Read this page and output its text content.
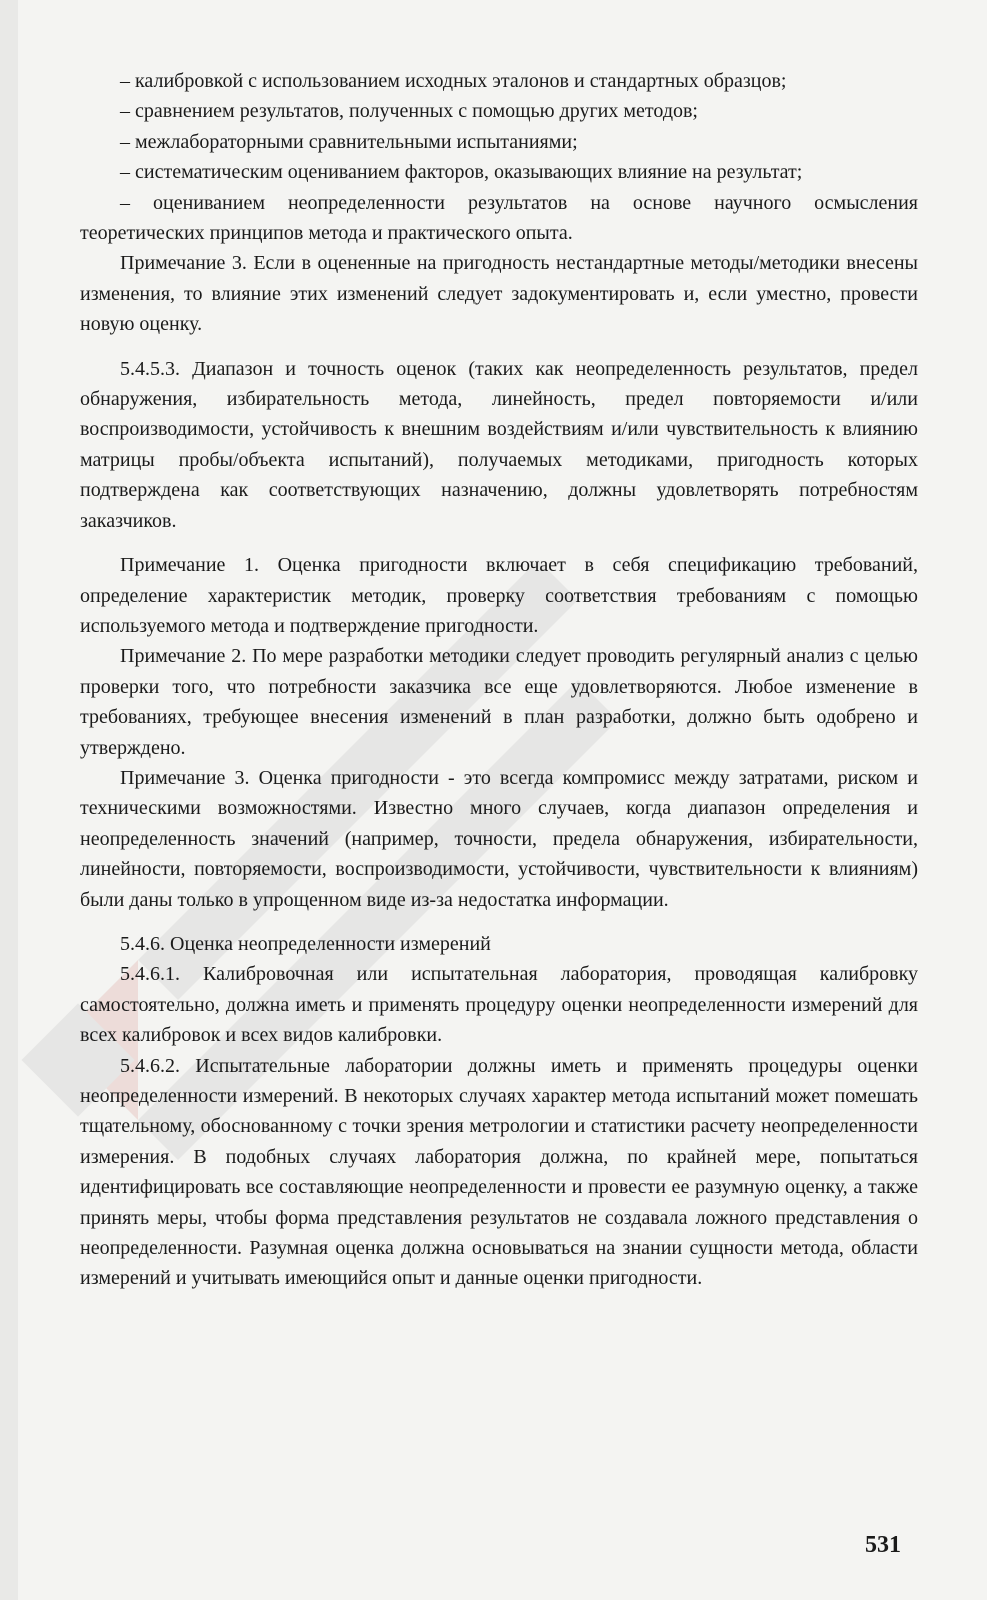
– калибровкой с использованием исходных эталонов и стандартных образцов;

– сравнением результатов, полученных с помощью других методов;

– межлабораторными сравнительными испытаниями;

– систематическим оцениванием факторов, оказывающих влияние на результат;

– оцениванием неопределенности результатов на основе научного осмысления теоретических принципов метода и практического опыта.

Примечание 3. Если в оцененные на пригодность нестандартные методы/методики внесены изменения, то влияние этих изменений следует задокументировать и, если уместно, провести новую оценку.

5.4.5.3. Диапазон и точность оценок (таких как неопределенность результатов, предел обнаружения, избирательность метода, линейность, предел повторяемости и/или воспроизводимости, устойчивость к внешним воздействиям и/или чувствительность к влиянию матрицы пробы/объекта испытаний), получаемых методиками, пригодность которых подтверждена как соответствующих назначению, должны удовлетворять потребностям заказчиков.

Примечание 1. Оценка пригодности включает в себя спецификацию требований, определение характеристик методик, проверку соответствия требованиям с помощью используемого метода и подтверждение пригодности.

Примечание 2. По мере разработки методики следует проводить регулярный анализ с целью проверки того, что потребности заказчика все еще удовлетворяются. Любое изменение в требованиях, требующее внесения изменений в план разработки, должно быть одобрено и утверждено.

Примечание 3. Оценка пригодности - это всегда компромисс между затратами, риском и техническими возможностями. Известно много случаев, когда диапазон определения и неопределенность значений (например, точности, предела обнаружения, избирательности, линейности, повторяемости, воспроизводимости, устойчивости, чувствительности к влияниям) были даны только в упрощенном виде из-за недостатка информации.

5.4.6. Оценка неопределенности измерений

5.4.6.1. Калибровочная или испытательная лаборатория, проводящая калибровку самостоятельно, должна иметь и применять процедуру оценки неопределенности измерений для всех калибровок и всех видов калибровки.

5.4.6.2. Испытательные лаборатории должны иметь и применять процедуры оценки неопределенности измерений. В некоторых случаях характер метода испытаний может помешать тщательному, обоснованному с точки зрения метрологии и статистики расчету неопределенности измерения. В подобных случаях лаборатория должна, по крайней мере, попытаться идентифицировать все составляющие неопределенности и провести ее разумную оценку, а также принять меры, чтобы форма представления результатов не создавала ложного представления о неопределенности. Разумная оценка должна основываться на знании сущности метода, области измерений и учитывать имеющийся опыт и данные оценки пригодности.

531
